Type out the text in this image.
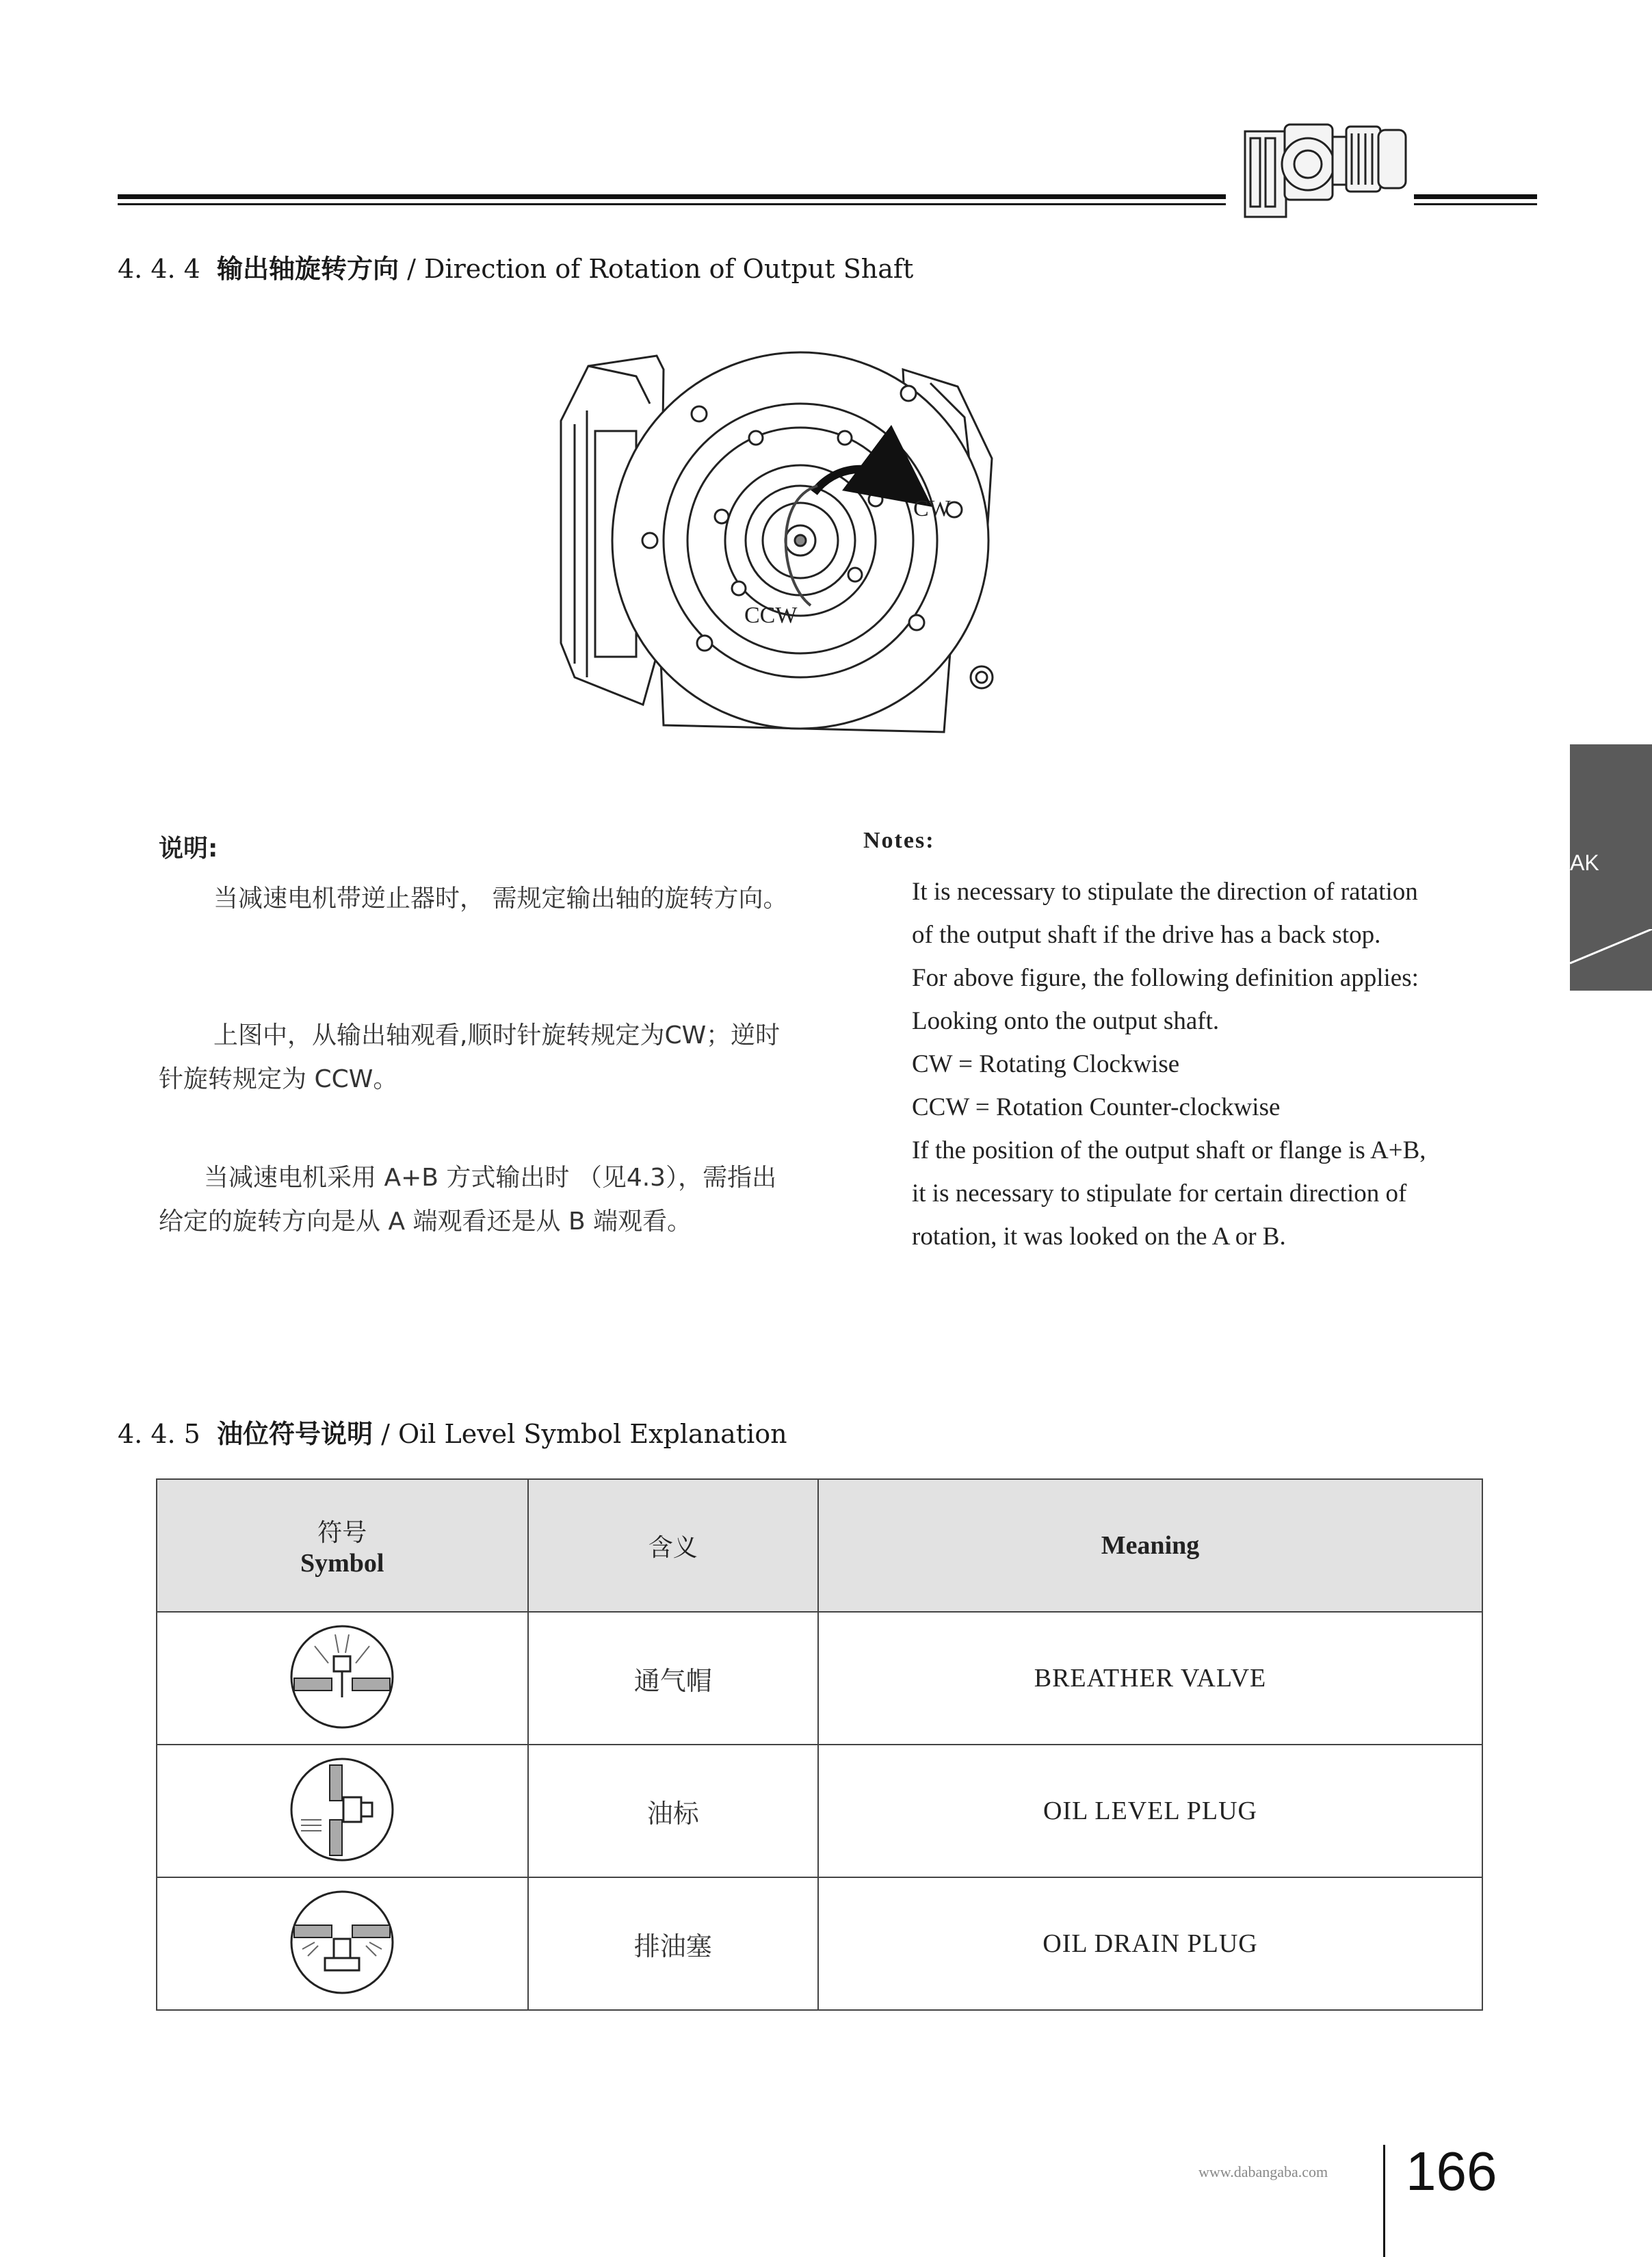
4. 4. 4 输出轴旋转方向 / Direction of Rotation of Output Shaft
CW
CCW
说明:
当减速电机带逆止器时， 需规定输出轴的旋转方向。
上图中，从输出轴观看,顺时针旋转规定为CW；逆时针旋转规定为 CCW。
当减速电机采用 A+B 方式输出时 （见4.3），需指出给定的旋转方向是从 A 端观看还是从 B 端观看。
Notes:
It is necessary to stipulate the direction of ratation
of the output shaft if the drive has a back stop.
For above figure, the following definition applies:
Looking onto the output shaft.
CW = Rotating Clockwise
CCW = Rotation Counter-clockwise
If the position of the output shaft or flange is A+B,
it is necessary to stipulate for certain direction of
rotation, it was looked on the A or B.
AK
4. 4. 5 油位符号说明 / Oil Level Symbol Explanation
符号
Symbol	含义	Meaning

	通气帽	BREATHER VALVE
	油标	OIL LEVEL PLUG
	排油塞	OIL DRAIN PLUG
www.dabangaba.com 166
